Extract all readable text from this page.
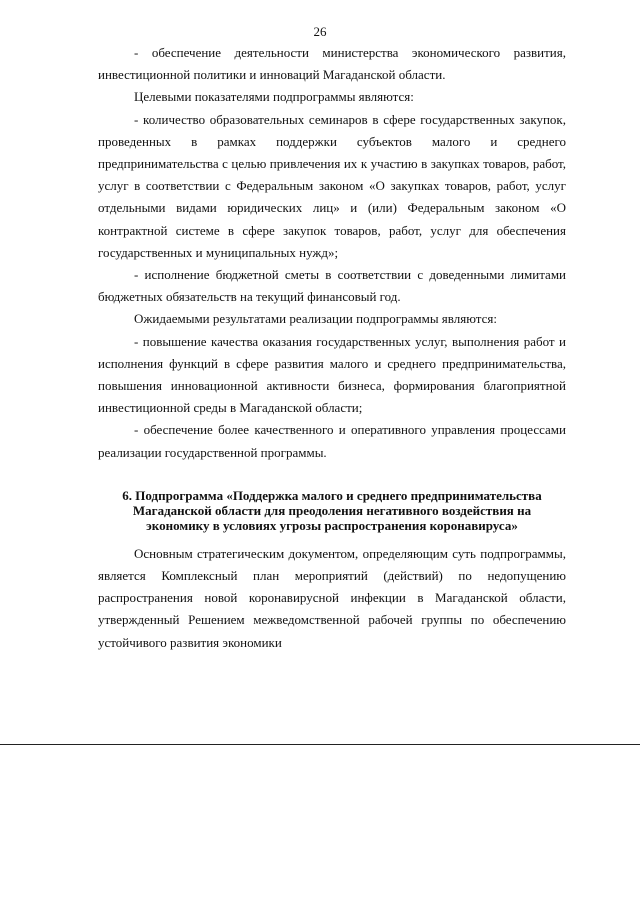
26

- обеспечение деятельности министерства экономического развития, инвестиционной политики и инноваций Магаданской области.

Целевыми показателями подпрограммы являются:

- количество образовательных семинаров в сфере государственных закупок, проведенных в рамках поддержки субъектов малого и среднего предпринимательства с целью привлечения их к участию в закупках товаров, работ, услуг в соответствии с Федеральным законом «О закупках товаров, работ, услуг отдельными видами юридических лиц» и (или) Федеральным законом «О контрактной системе в сфере закупок товаров, работ, услуг для обеспечения государственных и муниципальных нужд»;

- исполнение бюджетной сметы в соответствии с доведенными лимитами бюджетных обязательств на текущий финансовый год.

Ожидаемыми результатами реализации подпрограммы являются:

- повышение качества оказания государственных услуг, выполнения работ и исполнения функций в сфере развития малого и среднего предпринимательства, повышения инновационной активности бизнеса, формирования благоприятной инвестиционной среды в Магаданской области;

- обеспечение более качественного и оперативного управления процессами реализации государственной программы.

6. Подпрограмма «Поддержка малого и среднего предпринимательства Магаданской области для преодоления негативного воздействия на экономику в условиях угрозы распространения коронавируса»

Основным стратегическим документом, определяющим суть подпрограммы, является Комплексный план мероприятий (действий) по недопущению распространения новой коронавирусной инфекции в Магаданской области, утвержденный Решением межведомственной рабочей группы по обеспечению устойчивого развития экономики
